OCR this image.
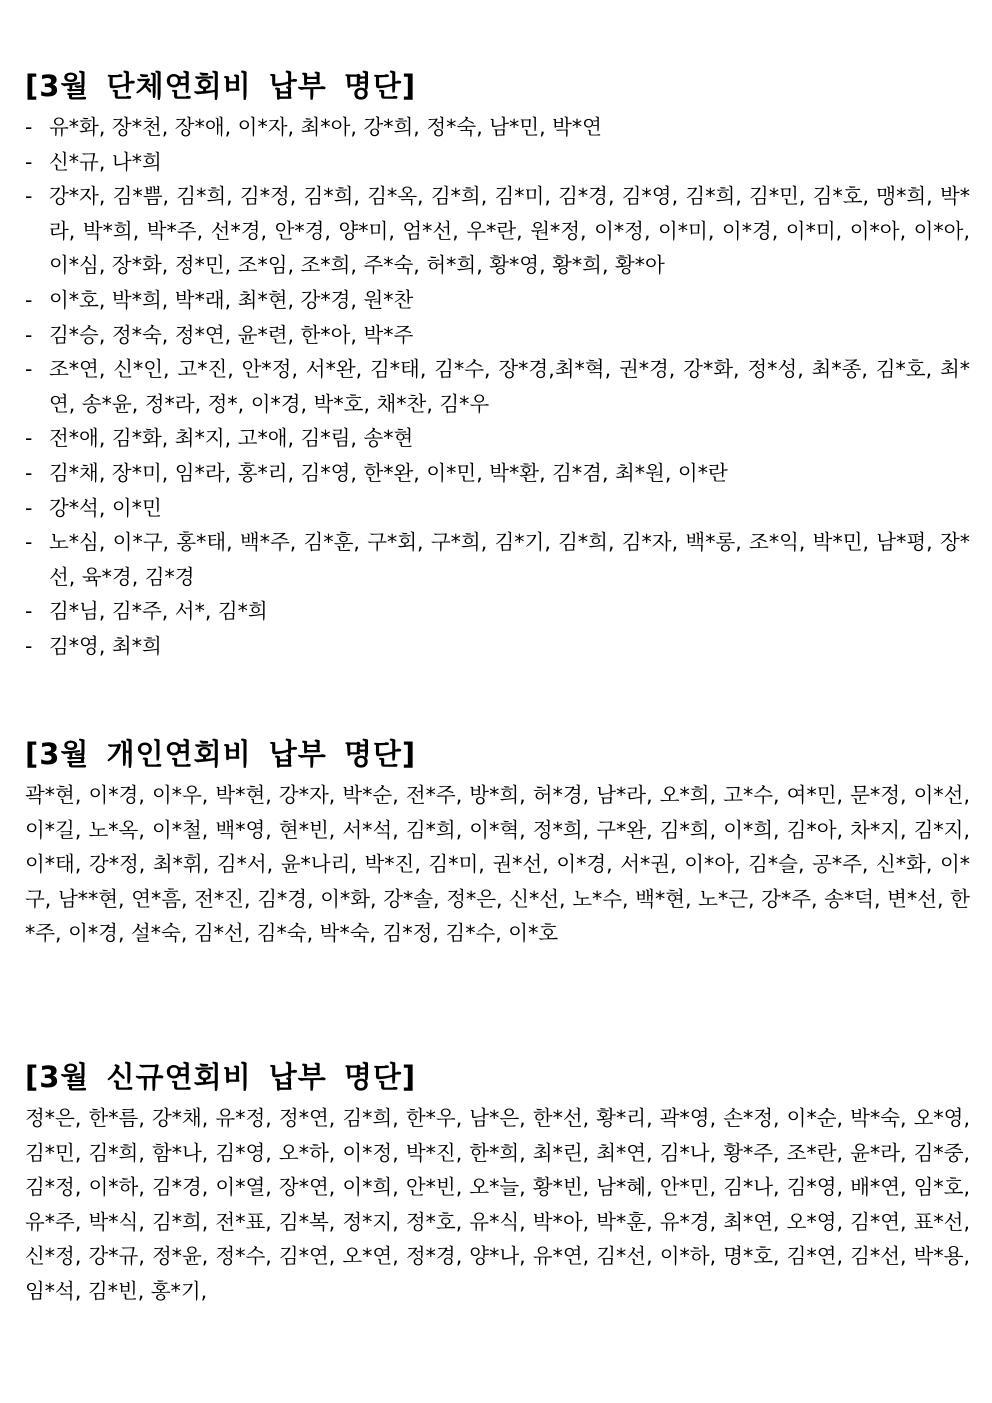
[3월 단체연회비 납부 명단]
- 유*화, 장*천, 장*애, 이*자, 최*아, 강*희, 정*숙, 남*민, 박*연
- 신*규, 나*희
- 강*자, 김*쁨, 김*희, 김*정, 김*희, 김*옥, 김*희, 김*미, 김*경, 김*영, 김*희, 김*민, 김*호, 맹*희, 박*라, 박*희, 박*주, 선*경, 안*경, 양*미, 엄*선, 우*란, 원*정, 이*정, 이*미, 이*경, 이*미, 이*아, 이*아, 이*심, 장*화, 정*민, 조*임, 조*희, 주*숙, 허*희, 황*영, 황*희, 황*아
- 이*호, 박*희, 박*래, 최*현, 강*경, 원*찬
- 김*승, 정*숙, 정*연, 윤*련, 한*아, 박*주
- 조*연, 신*인, 고*진, 안*정, 서*완, 김*태, 김*수, 장*경,최*혁, 권*경, 강*화, 정*성, 최*종, 김*호, 최*연, 송*윤, 정*라, 정*, 이*경, 박*호, 채*찬, 김*우
- 전*애, 김*화, 최*지, 고*애, 김*림, 송*현
- 김*채, 장*미, 임*라, 홍*리, 김*영, 한*완, 이*민, 박*환, 김*겸, 최*원, 이*란
- 강*석, 이*민
- 노*심, 이*구, 홍*태, 백*주, 김*훈, 구*회, 구*희, 김*기, 김*희, 김*자, 백*롱, 조*익, 박*민, 남*평, 장*선, 육*경, 김*경
- 김*님, 김*주, 서*, 김*희
- 김*영, 최*희
[3월 개인연회비 납부 명단]

곽*현, 이*경, 이*우, 박*현, 강*자, 박*순, 전*주, 방*희, 허*경, 남*라, 오*희, 고*수, 여*민, 문*정, 이*선, 이*길, 노*옥, 이*철, 백*영, 현*빈, 서*석, 김*희, 이*혁, 정*희, 구*완, 김*희, 이*희, 김*아, 차*지, 김*지, 이*태, 강*정, 최*휘, 김*서, 윤*나리, 박*진, 김*미, 권*선, 이*경, 서*권, 이*아, 김*슬, 공*주, 신*화, 이*구, 남**현, 연*흠, 전*진, 김*경, 이*화, 강*솔, 정*은, 신*선, 노*수, 백*현, 노*근, 강*주, 송*덕, 변*선, 한*주, 이*경, 설*숙, 김*선, 김*숙, 박*숙, 김*정, 김*수, 이*호

[3월 신규연회비 납부 명단]

정*은, 한*름, 강*채, 유*정, 정*연, 김*희, 한*우, 남*은, 한*선, 황*리, 곽*영, 손*정, 이*순, 박*숙, 오*영, 김*민, 김*희, 함*나, 김*영, 오*하, 이*정, 박*진, 한*희, 최*린, 최*연, 김*나, 황*주, 조*란, 윤*라, 김*중, 김*정, 이*하, 김*경, 이*열, 장*연, 이*희, 안*빈, 오*늘, 황*빈, 남*혜, 안*민, 김*나, 김*영, 배*연, 임*호, 유*주, 박*식, 김*희, 전*표, 김*복, 정*지, 정*호, 유*식, 박*아, 박*훈, 유*경, 최*연, 오*영, 김*연, 표*선, 신*정, 강*규, 정*윤, 정*수, 김*연, 오*연, 정*경, 양*나, 유*연, 김*선, 이*하, 명*호, 김*연, 김*선, 박*용, 임*석, 김*빈, 홍*기,
